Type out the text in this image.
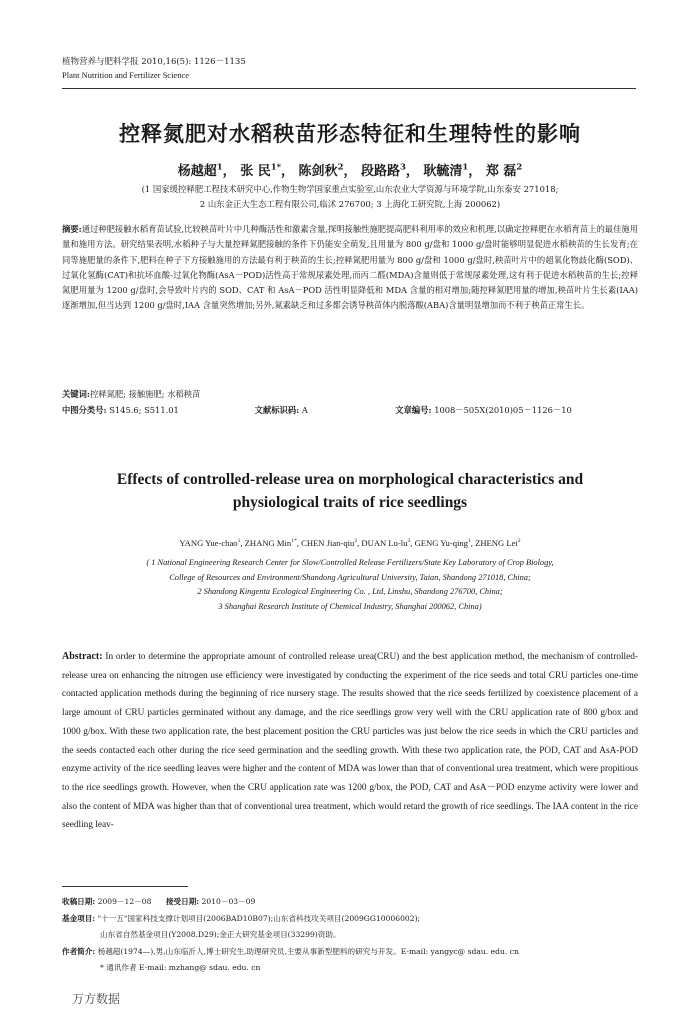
植物营养与肥料学报 2010,16(5): 1126－1135
Plant Nutrition and Fertilizer Science
控释氮肥对水稻秧苗形态特征和生理特性的影响
杨越超$^1$， 张 民$^{1*}$， 陈剑秋$^2$， 段路路$^3$， 耿毓清$^1$， 郑 磊$^2$
(1 国家缓控释肥工程技术研究中心,作物生物学国家重点实验室,山东农业大学资源与环境学院,山东泰安 271018;
2 山东金正大生态工程有限公司,临沭 276700; 3 上海化工研究院,上海 200062)
摘要:通过种肥接触水稻育苗试验,比较秧苗叶片中几种酶活性和激素含量,探明接触性施肥提高肥料利用率的效应和机理,以确定控释肥在水稻育苗上的最佳施用量和施用方法。研究结果表明,水稻种子与大量控释氮肥接触的条件下仍能安全萌发,且用量为 800 g/盘和 1000 g/盘时能够明显促进水稻秧苗的生长发育;在同等施肥量的条件下,肥料在种子下方接触施用的方法最有利于秧苗的生长;控释氮肥用量为 800 g/盘和 1000 g/盘时,秧苗叶片中的超氧化物歧化酶(SOD)、过氧化氢酶(CAT)和抗坏血酸-过氧化物酶(AsA－POD)活性高于常规尿素处理,而丙二醛(MDA)含量则低于常规尿素处理,这有利于促进水稻秧苗的生长;控释氮肥用量为 1200 g/盘时,会导致叶片内的 SOD、CAT 和 AsA－POD 活性明显降低和 MDA 含量的相对增加;随控释氮肥用量的增加,秧苗叶片生长素(IAA)逐渐增加,但当达到 1200 g/盘时,IAA 含量突然增加;另外,氮素缺乏和过多都会诱导秧苗体内脱落酸(ABA)含量明显增加而不利于秧苗正常生长。
关键词:控释氮肥; 接触施肥; 水稻秧苗
中图分类号: S145.6; S511.01	文献标识码: A	文章编号: 1008－505X(2010)05－1126－10
Effects of controlled-release urea on morphological characteristics and physiological traits of rice seedlings
YANG Yue-chao$^1$, ZHANG Min$^{1*}$, CHEN Jian-qiu$^2$, DUAN $Lu-lu^3$, GENG Yu-qing$^1$, ZHENG Lei$^2$
( 1 National Engineering Research Center for Slow/Controlled Release Fertilizers/State Key Laboratory of Crop Biology,
College of Resources and Environment/Shandong Agricultural University, Taian, Shandong 271018, China;
2 Shandong Kingenta Ecological Engineering Co. , Ltd, Linshu, Shandong 276700, China;
3 Shanghai Research Institute of Chemical Industry, Shanghai 200062, China)
Abstract: In order to determine the appropriate amount of controlled release urea(CRU) and the best application method, the mechanism of controlled-release urea on enhancing the nitrogen use efficiency were investigated by conducting the experiment of the rice seeds and total CRU particles one-time contacted application methods during the beginning of rice nursery stage. The results showed that the rice seeds fertilized by coexistence placement of a large amount of CRU particles germinated without any damage, and the rice seedlings grow very well with the CRU application rate of 800 g/box and 1000 g/box. With these two application rate, the best placement position the CRU particles was just below the rice seeds in which the CRU particles and the seeds contacted each other during the rice seed germination and the seedling growth. With these two application rate, the POD, CAT and AsA-POD enzyme activity of the rice seedling leaves were higher and the content of MDA was lower than that of conventional urea treatment, which were propitious to the rice seedlings growth. However, when the CRU application rate was 1200 g/box, the POD, CAT and AsA－POD enzyme activity were lower and also the content of MDA was higher than that of conventional urea treatment, which would retard the growth of rice seedlings. The IAA content in the rice seedling leav-
收稿日期: 2009－12－08 接受日期: 2010－03－09
基金项目: "十一五"国家科技支撑计划项目(2006BAD10B07);山东省科技攻关项目(2009GG10006002);
山东省自然基金项目(Y2008.D29);金正大研究基金项目(33299)资助。
作者简介: 杨越超(1974—),男,山东临沂人,博士研究生,助理研究员,主要从事新型肥料的研究与开发。E-mail: yangyc@ sdau. edu. cn
* 通讯作者 E-mail: mzhang@ sdau. edu. cn
万方数据
